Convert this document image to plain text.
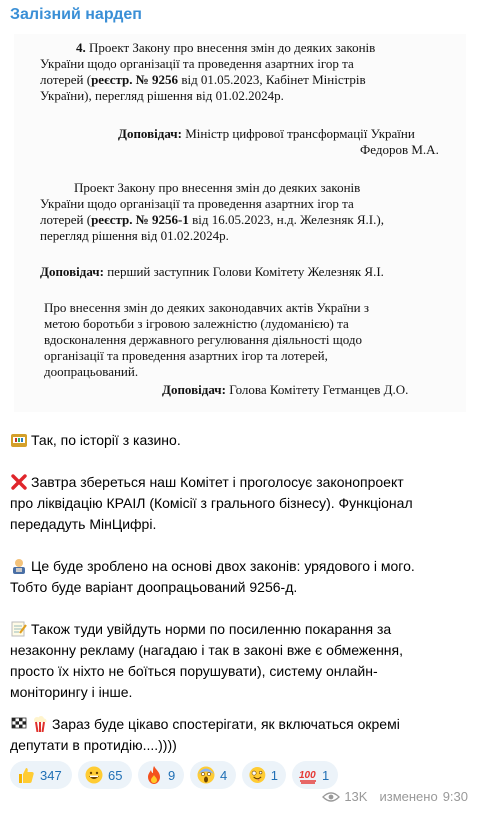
Залізний нардеп

4. Проект Закону про внесення змін до деяких законів

України щодо організації та проведення азартних ігор та

лотерей (реєстр. № 9256 від 01.05.2023, Кабінет Міністрів

України), перегляд рішення від 01.02.2024р.

Доповідач: Міністр цифрової трансформації України

Федоров М.А.

Проект Закону про внесення змін до деяких законів

України щодо організації та проведення азартних ігор та

лотерей (реєстр. № 9256-1 від 16.05.2023, н.д. Железняк Я.І.),

перегляд рішення від 01.02.2024р.

Доповідач: перший заступник Голови Комітету Железняк Я.І.

Про внесення змін до деяких законодавчих актів України з

метою боротьби з ігровою залежністю (лудоманією) та

вдосконалення державного регулювання діяльності щодо

організації та проведення азартних ігор та лотерей,

доопрацьований.

Доповідач: Голова Комітету Гетманцев Д.О.

Так, по історії з казино.
Завтра збереться наш Комітет і проголосує законопроект
про ліквідацію КРАІЛ (Комісії з грального бізнесу). Функціонал
передадуть МінЦифрі.
Це буде зроблено на основі двох законів: урядового і мого.
Тобто буде варіант доопрацьований 9256-д.
Також туди увійдуть норми по посиленню покарання за
незаконну рекламу (нагадаю і так в законі вже є обмеження,
просто їх ніхто не боїться порушувати), систему онлайн-
моніторингу і інше.
Зараз буде цікаво спостерігати, як включаться окремі
депутати в протидію....))))
347	65	9	4	1 100 1
13K изменено 9:30
